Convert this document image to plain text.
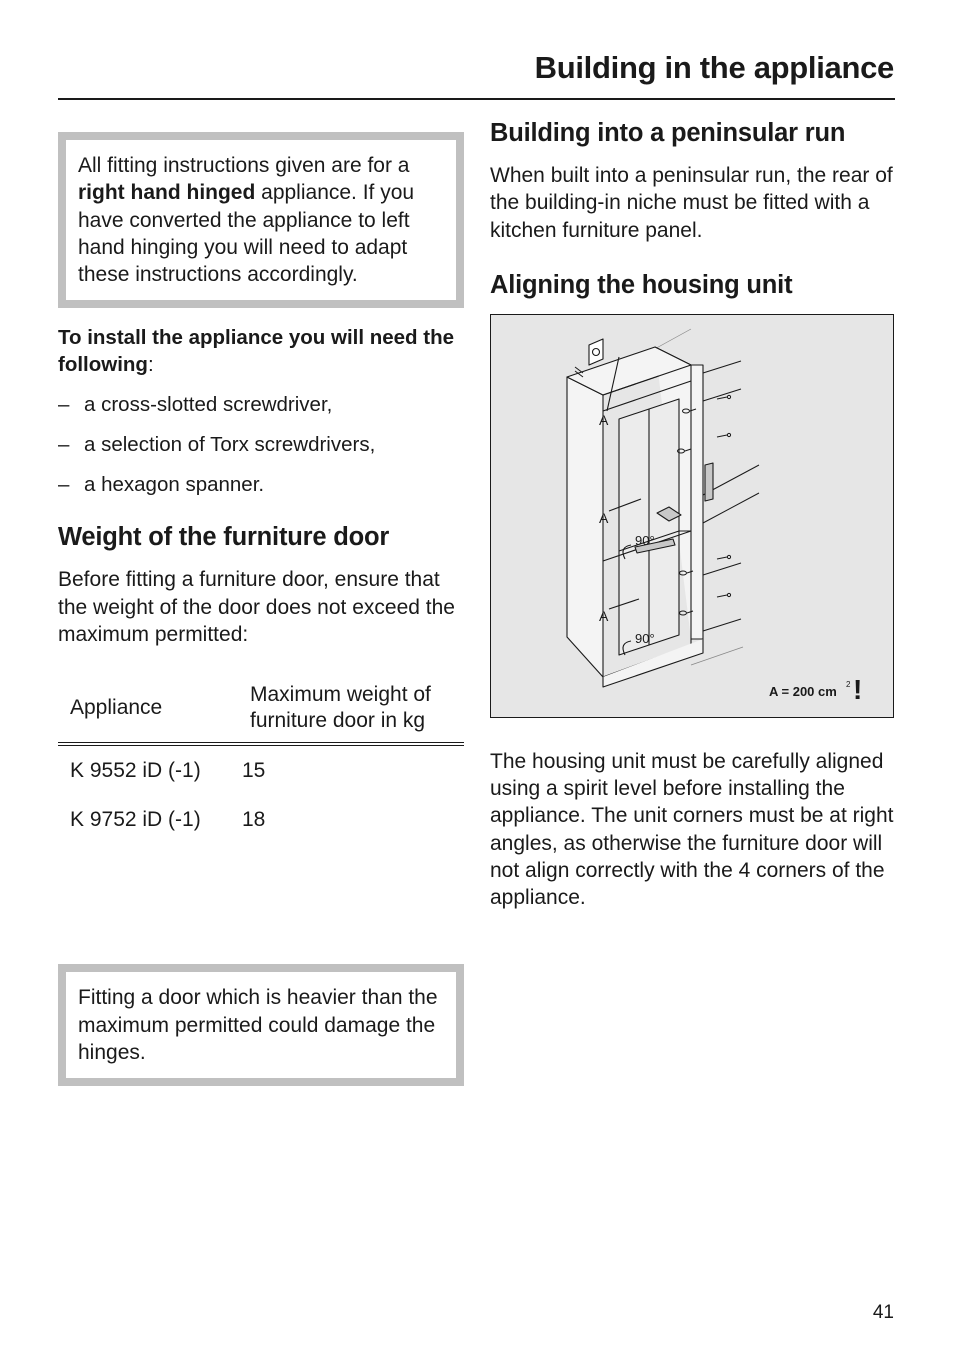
Building in the appliance
All fitting instructions given are for a right hand hinged appliance. If you have converted the appliance to left hand hinging you will need to adapt these instructions accordingly.
To install the appliance you will need the following:
– a cross-slotted screwdriver,
– a selection of Torx screwdrivers,
– a hexagon spanner.
Weight of the furniture door

Before fitting a furniture door, ensure that the weight of the door does not exceed the maximum permitted:

Appliance	Maximum weight of furniture door in kg
K 9552 iD (-1)	15
K 9752 iD (-1)	18
Fitting a door which is heavier than the maximum permitted could damage the hinges.
Building into a peninsular run

When built into a peninsular run, the rear of the building-in niche must be fitted with a kitchen furniture panel.

Aligning the housing unit
A
A
A
90°
90°
A = 200 cm 2 !

The housing unit must be carefully aligned using a spirit level before installing the appliance. The unit corners must be at right angles, as otherwise the furniture door will not align correctly with the 4 corners of the appliance.

41
